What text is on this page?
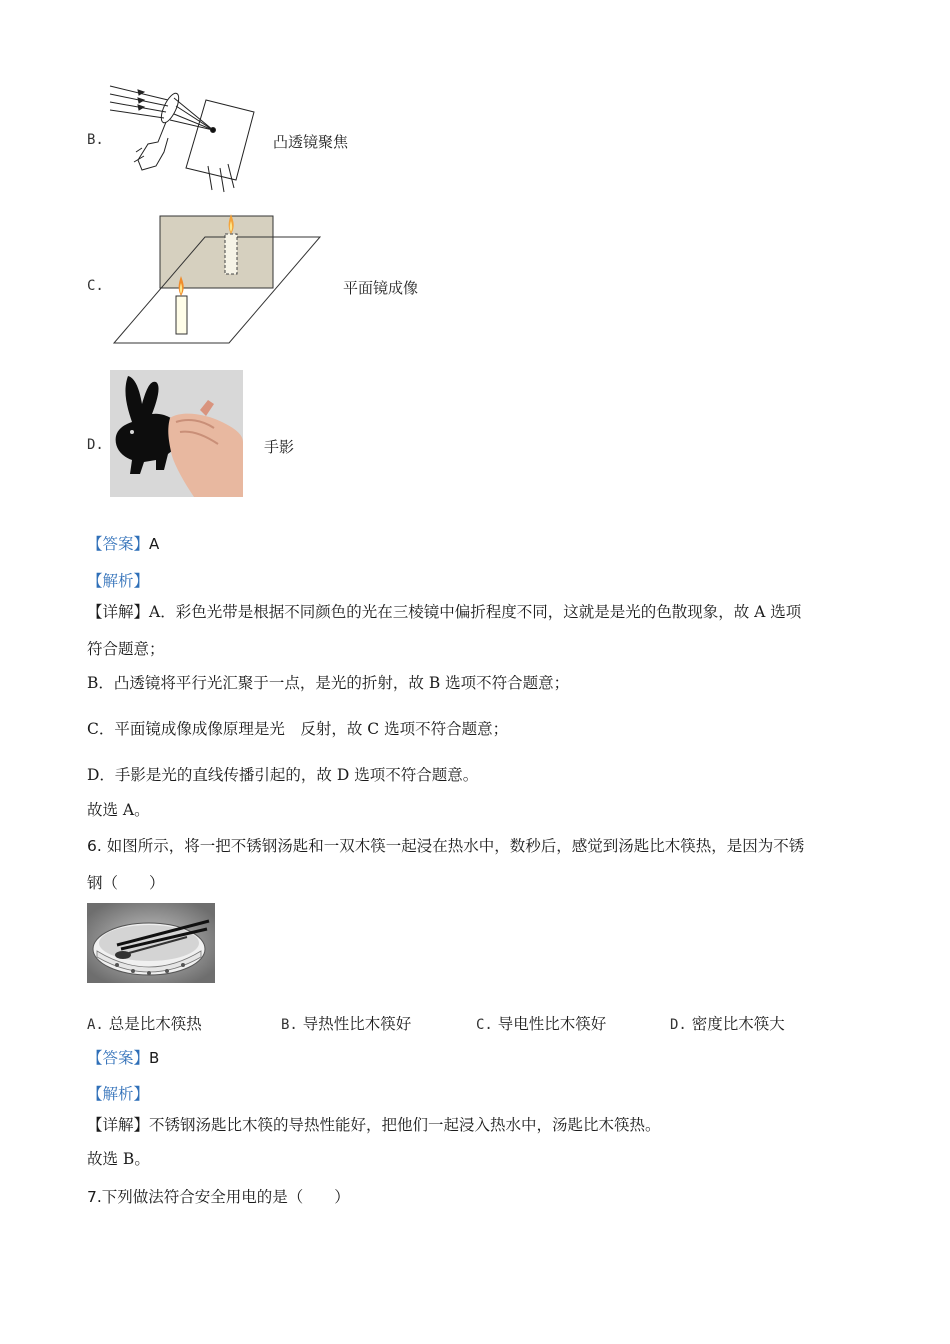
B.	凸透镜聚焦
C.	平面镜成像
D.	手影
【答案】A
【解析】
【详解】A．彩色光带是根据不同颜色的光在三棱镜中偏折程度不同，这就是是光的色散现象，故 A 选项
符合题意；
B．凸透镜将平行光汇聚于一点，是光的折射，故 B 选项不符合题意；
C．平面镜成像成像原理是光　反射，故 C 选项不符合题意；
D．手影是光的直线传播引起的，故 D 选项不符合题意。
故选 A。
6. 如图所示，将一把不锈钢汤匙和一双木筷一起浸在热水中，数秒后，感觉到汤匙比木筷热，是因为不锈
钢（　　）
A. 总是比木筷热	B. 导热性比木筷好	C. 导电性比木筷好	D. 密度比木筷大
【答案】B
【解析】
【详解】不锈钢汤匙比木筷的导热性能好，把他们一起浸入热水中，汤匙比木筷热。
故选 B。
7.下列做法符合安全用电的是（　　）
